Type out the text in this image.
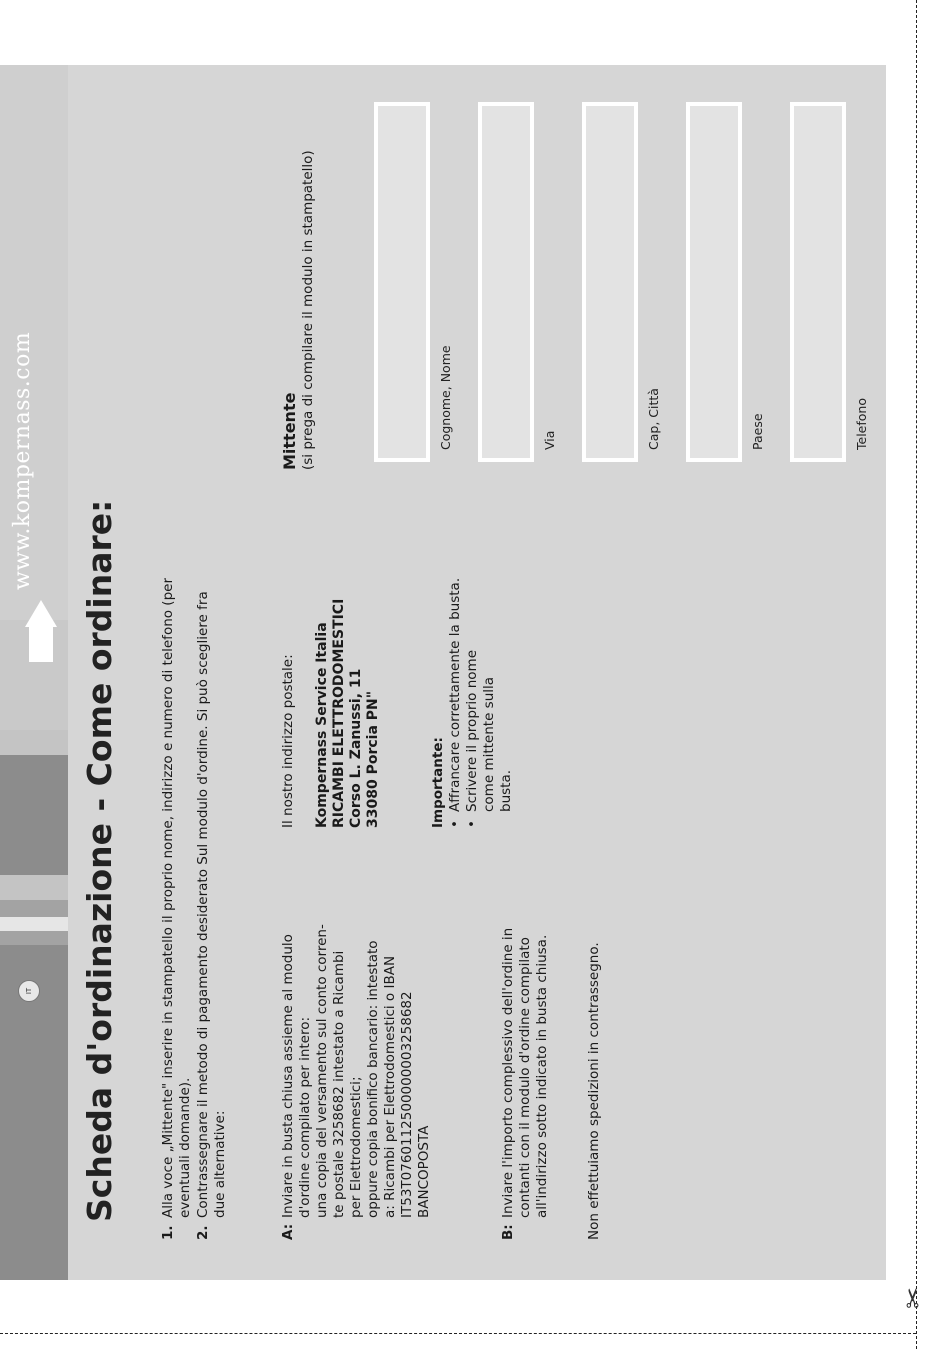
IT
www.kompernass.com
Scheda d'ordinazione - Come ordinare:
1.
Alla voce „Mittente" inserire in stampatello il proprio nome, indirizzo e numero di telefono (per eventuali domande).
2.
Contrassegnare il metodo di pagamento desiderato Sul modulo d'ordine. Si può scegliere fra due alternative:
A:
Inviare in busta chiusa assieme al modulo d'ordine compilato per intero: una copia del versamento sul conto corren- te postale 3258682 intestato a Ricambi per Elettrodomestici; oppure copia bonifico bancario: intestato a: Ricambi per Elettrodomestici o IBAN IT53T0760112500000003258682 BANCOPOSTA
B:
Inviare l'importo complessivo dell'ordine in contanti con il modulo d'ordine compilato all'indirizzo sotto indicato in busta chiusa.	Non effettuiamo spedizioni in contrassegno.
Il nostro indirizzo postale: Kompernass Service Italia RICAMBI ELETTRODOMESTICI Corso L. Zanussi, 11 33080 Porcia PN"	Importante: •
Affrancare correttamente la busta.
•
Scrivere il proprio nome come mittente sulla busta.
Mittente (si prega di compilare il modulo in stampatello)	Cognome, Nome	Via	Cap, Città	Paese	Telefono
✂
